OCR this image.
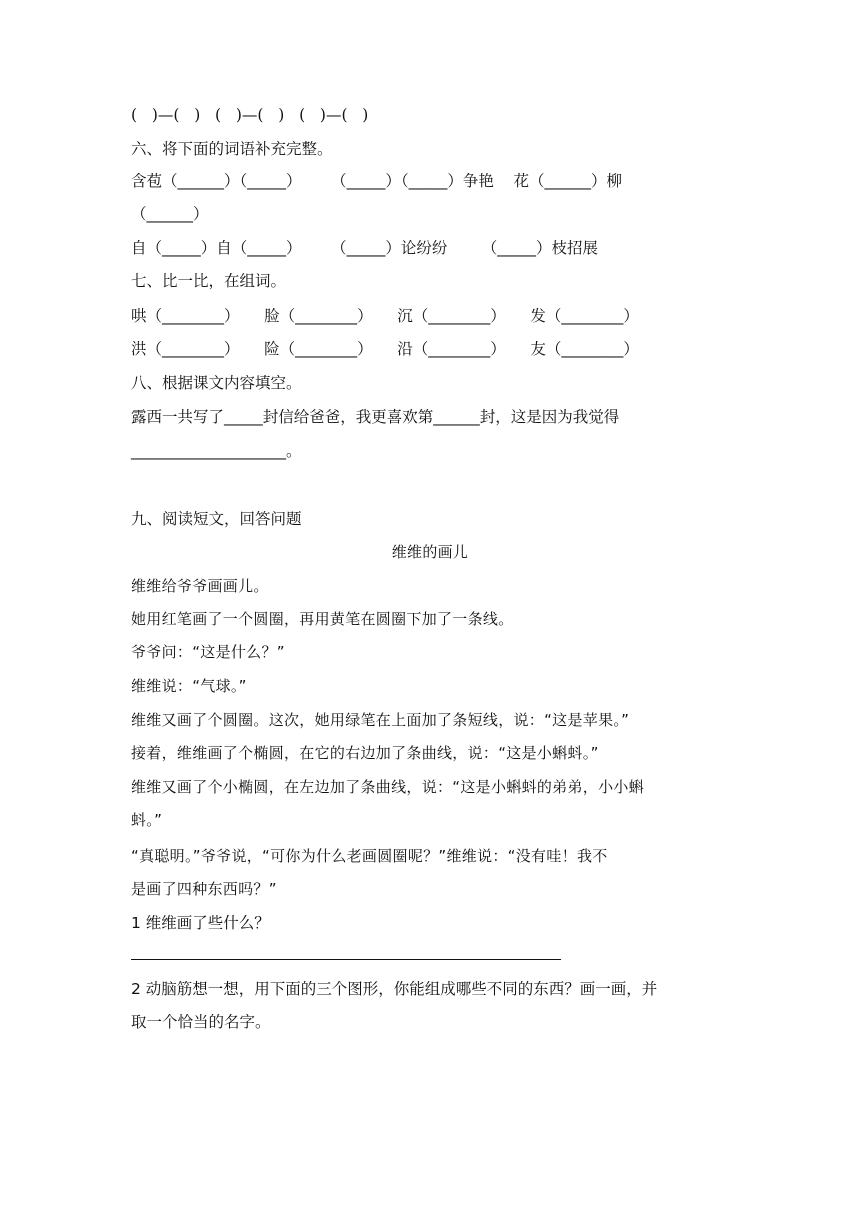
(   )—(   )   (   )—(   )   (   )—(   )

六、将下面的词语补充完整。

含苞（______）（_____）      （_____）（_____）争艳    花（______）柳

（______）

自（_____）自（_____）      （_____）论纷纷       （_____）枝招展

七、比一比，在组词。

哄（________）     脸（________）     沉（________）     发（________）

洪（________）     险（________）     沿（________）     友（________）

八、根据课文内容填空。

露西一共写了_____封信给爸爸，我更喜欢第______封，这是因为我觉得

____________________。

九、阅读短文，回答问题

维维的画儿

维维给爷爷画画儿。

她用红笔画了一个圆圈，再用黄笔在圆圈下加了一条线。

爷爷问：“这是什么？”

维维说：“气球。”

维维又画了个圆圈。这次，她用绿笔在上面加了条短线，说：“这是苹果。”

接着，维维画了个椭圆，在它的右边加了条曲线，说：“这是小蝌蚪。”

维维又画了个小椭圆，在左边加了条曲线，说：“这是小蝌蚪的弟弟，小小蝌

蚪。”

“真聪明。”爷爷说，“可你为什么老画圆圈呢？”维维说：“没有哇！我不

是画了四种东西吗？”

1 维维画了些什么？

2 动脑筋想一想，用下面的三个图形，你能组成哪些不同的东西？画一画，并

取一个恰当的名字。
